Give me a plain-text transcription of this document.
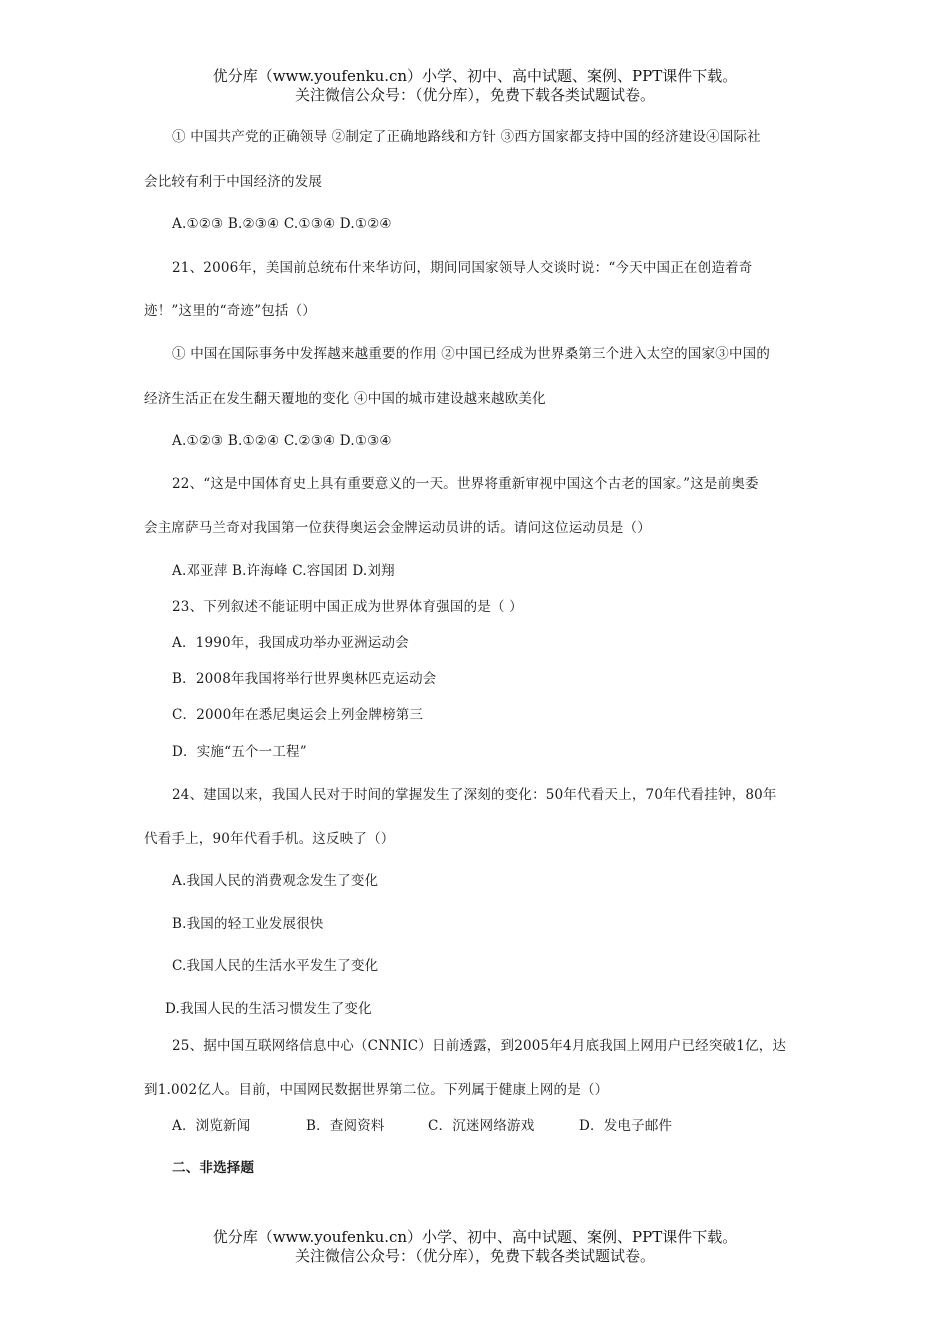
优分库（www.youfenku.cn）小学、初中、高中试题、案例、PPT课件下载。
关注微信公众号：（优分库），免费下载各类试题试卷。
① 中国共产党的正确领导 ②制定了正确地路线和方针 ③西方国家都支持中国的经济建设④国际社
会比较有利于中国经济的发展
A.①②③ B.②③④ C.①③④ D.①②④
21、2006年，美国前总统布什来华访问，期间同国家领导人交谈时说：“今天中国正在创造着奇
迹！”这里的“奇迹”包括（）
① 中国在国际事务中发挥越来越重要的作用 ②中国已经成为世界桑第三个进入太空的国家③中国的
经济生活正在发生翻天覆地的变化 ④中国的城市建设越来越欧美化
A.①②③ B.①②④ C.②③④ D.①③④
22、“这是中国体育史上具有重要意义的一天。世界将重新审视中国这个古老的国家。”这是前奥委
会主席萨马兰奇对我国第一位获得奥运会金牌运动员讲的话。请问这位运动员是（）
A.邓亚萍 B.许海峰 C.容国团 D.刘翔
23、下列叙述不能证明中国正成为世界体育强国的是（ ）
A．1990年，我国成功举办亚洲运动会
B．2008年我国将举行世界奥林匹克运动会
C．2000年在悉尼奥运会上列金牌榜第三
D．实施“五个一工程”
24、建国以来，我国人民对于时间的掌握发生了深刻的变化：50年代看天上，70年代看挂钟，80年
代看手上，90年代看手机。这反映了（）
A.我国人民的消费观念发生了变化
B.我国的轻工业发展很快
C.我国人民的生活水平发生了变化
D.我国人民的生活习惯发生了变化
25、据中国互联网络信息中心（CNNIC）日前透露，到2005年4月底我国上网用户已经突破1亿，达
到1.002亿人。目前，中国网民数据世界第二位。下列属于健康上网的是（）
A．浏览新闻	B．查阅资料	C．沉迷网络游戏	D．发电子邮件
二、非选择题
优分库（www.youfenku.cn）小学、初中、高中试题、案例、PPT课件下载。
关注微信公众号：（优分库），免费下载各类试题试卷。
